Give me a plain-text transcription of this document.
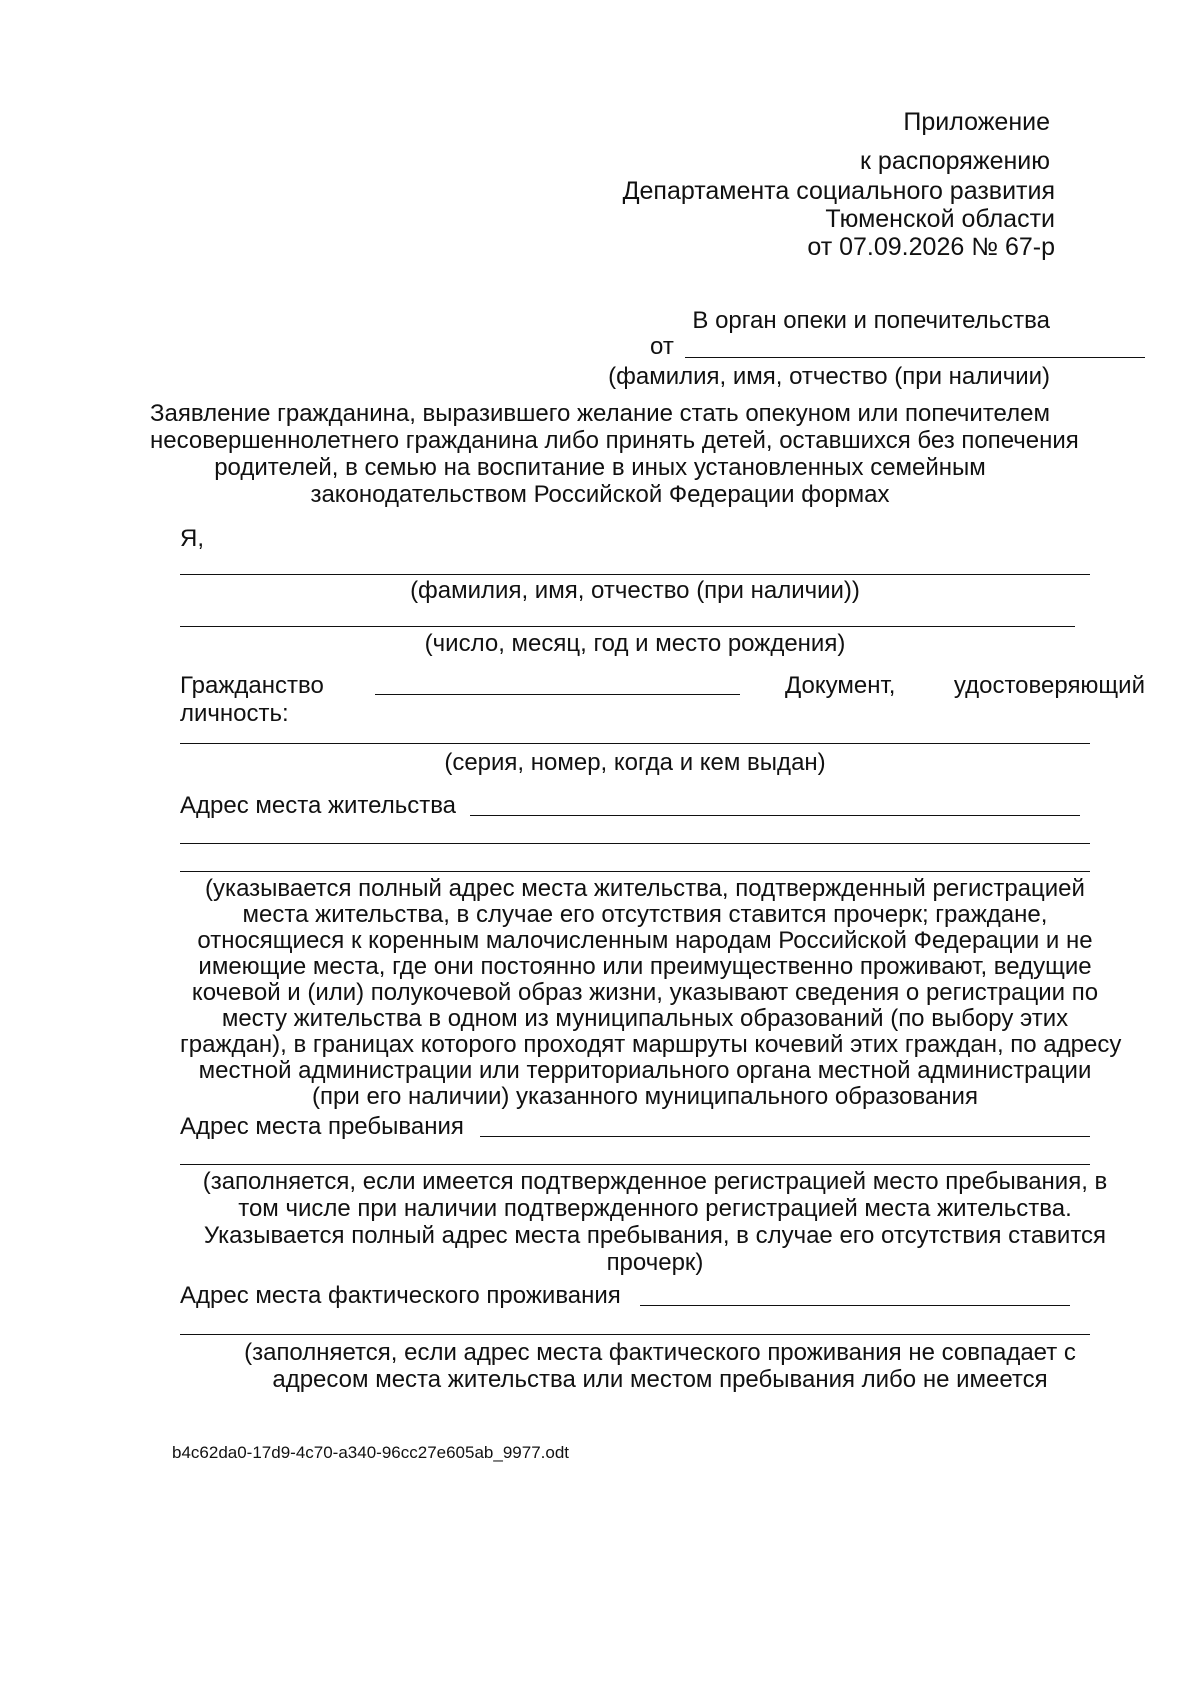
Приложение
к распоряжению
Департамента социального развития
Тюменской области
от 07.09.2026 № 67-р
В орган опеки и попечительства
от
(фамилия, имя, отчество (при наличии)
Заявление гражданина, выразившего желание стать опекуном или попечителем
несовершеннолетнего гражданина либо принять детей, оставшихся без попечения
родителей, в семью на воспитание в иных установленных семейным
законодательством Российской Федерации формах
Я,
(фамилия, имя, отчество (при наличии))
(число, месяц, год и место рождения)
Гражданство	Документ, удостоверяющий
личность:
(серия, номер, когда и кем выдан)
Адрес места жительства
(указывается полный адрес места жительства, подтвержденный регистрацией
места жительства, в случае его отсутствия ставится прочерк; граждане,
относящиеся к коренным малочисленным народам Российской Федерации и не
имеющие места, где они постоянно или преимущественно проживают, ведущие
кочевой и (или) полукочевой образ жизни, указывают сведения о регистрации по
месту жительства в одном из муниципальных образований (по выбору этих
граждан), в границах которого проходят маршруты кочевий этих граждан, по адресу
местной администрации или территориального органа местной администрации
(при его наличии) указанного муниципального образования
Адрес места пребывания
(заполняется, если имеется подтвержденное регистрацией место пребывания, в
том числе при наличии подтвержденного регистрацией места жительства.
Указывается полный адрес места пребывания, в случае его отсутствия ставится
прочерк)
Адрес места фактического проживания
(заполняется, если адрес места фактического проживания не совпадает с
адресом места жительства или местом пребывания либо не имеется
b4c62da0-17d9-4c70-a340-96cc27e605ab_9977.odt
